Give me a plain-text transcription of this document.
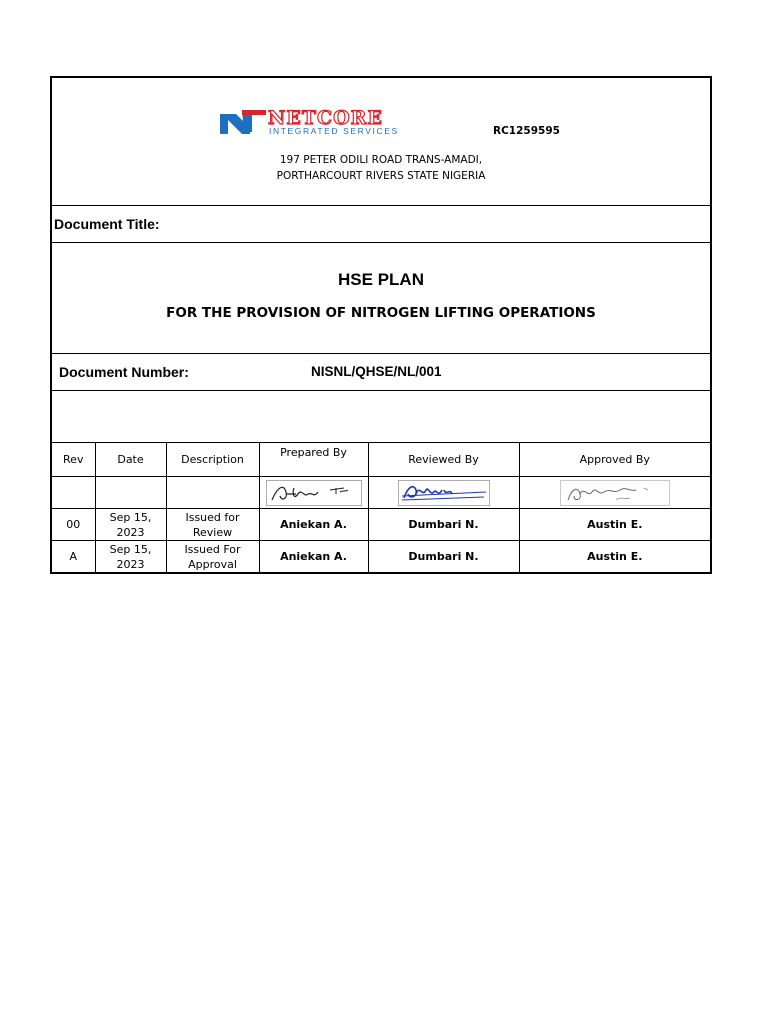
NETCORE
INTEGRATED SERVICES	RC1259595
197 PETER ODILI ROAD TRANS-AMADI,
PORTHARCOURT RIVERS STATE NIGERIA
Document Title:
HSE PLAN
FOR THE PROVISION OF NITROGEN LIFTING OPERATIONS
Document Number:	NISNL/QHSE/NL/001
Rev	Date	Description	Prepared By	Reviewed By	Approved By

00	Sep 15, 2023	Issued for Review	Aniekan A.	Dumbari N.	Austin E.
A	Sep 15, 2023	Issued For Approval	Aniekan A.	Dumbari N.	Austin E.
